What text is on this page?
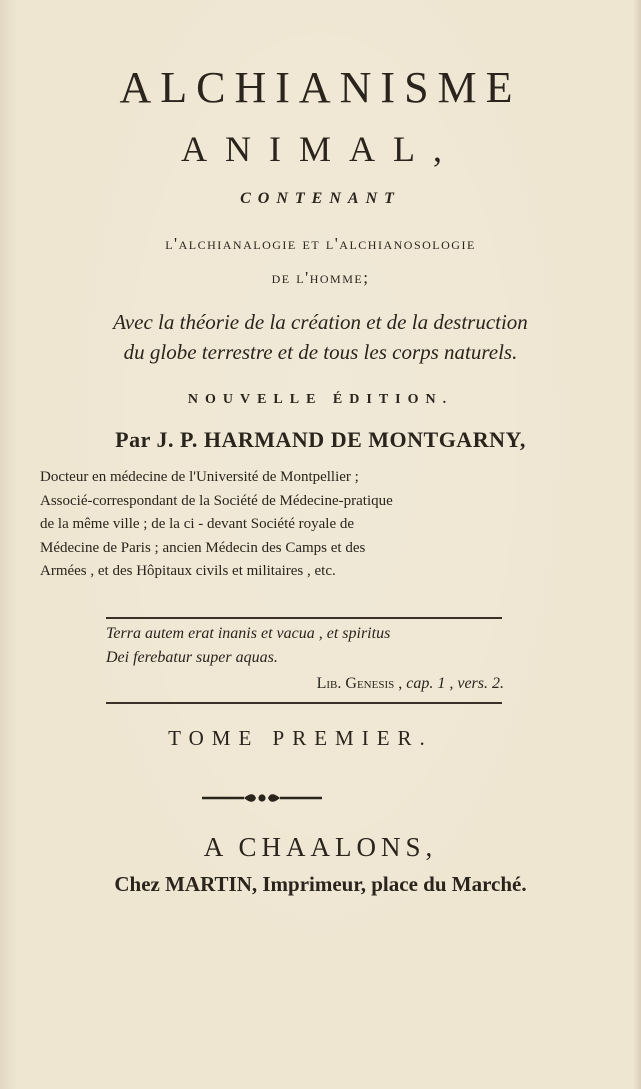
ALCHIANISME
ANIMAL,
CONTENANT
l'alchianalogie et l'alchianosologie
de l'homme;
Avec la théorie de la création et de la destruction
du globe terrestre et de tous les corps naturels.
NOUVELLE ÉDITION.
Par J. P. HARMAND DE MONTGARNY,
Docteur en médecine de l'Université de Montpellier ;
Associé-correspondant de la Société de Médecine-pratique
de la même ville ; de la ci - devant Société royale de
Médecine de Paris ; ancien Médecin des Camps et des
Armées , et des Hôpitaux civils et militaires , etc.
Terra autem erat inanis et vacua , et spiritus
Dei ferebatur super aquas.
Lib. Genesis , cap. 1 , vers. 2.
TOME PREMIER.
A CHAALONS,
Chez MARTIN, Imprimeur, place du Marché.
